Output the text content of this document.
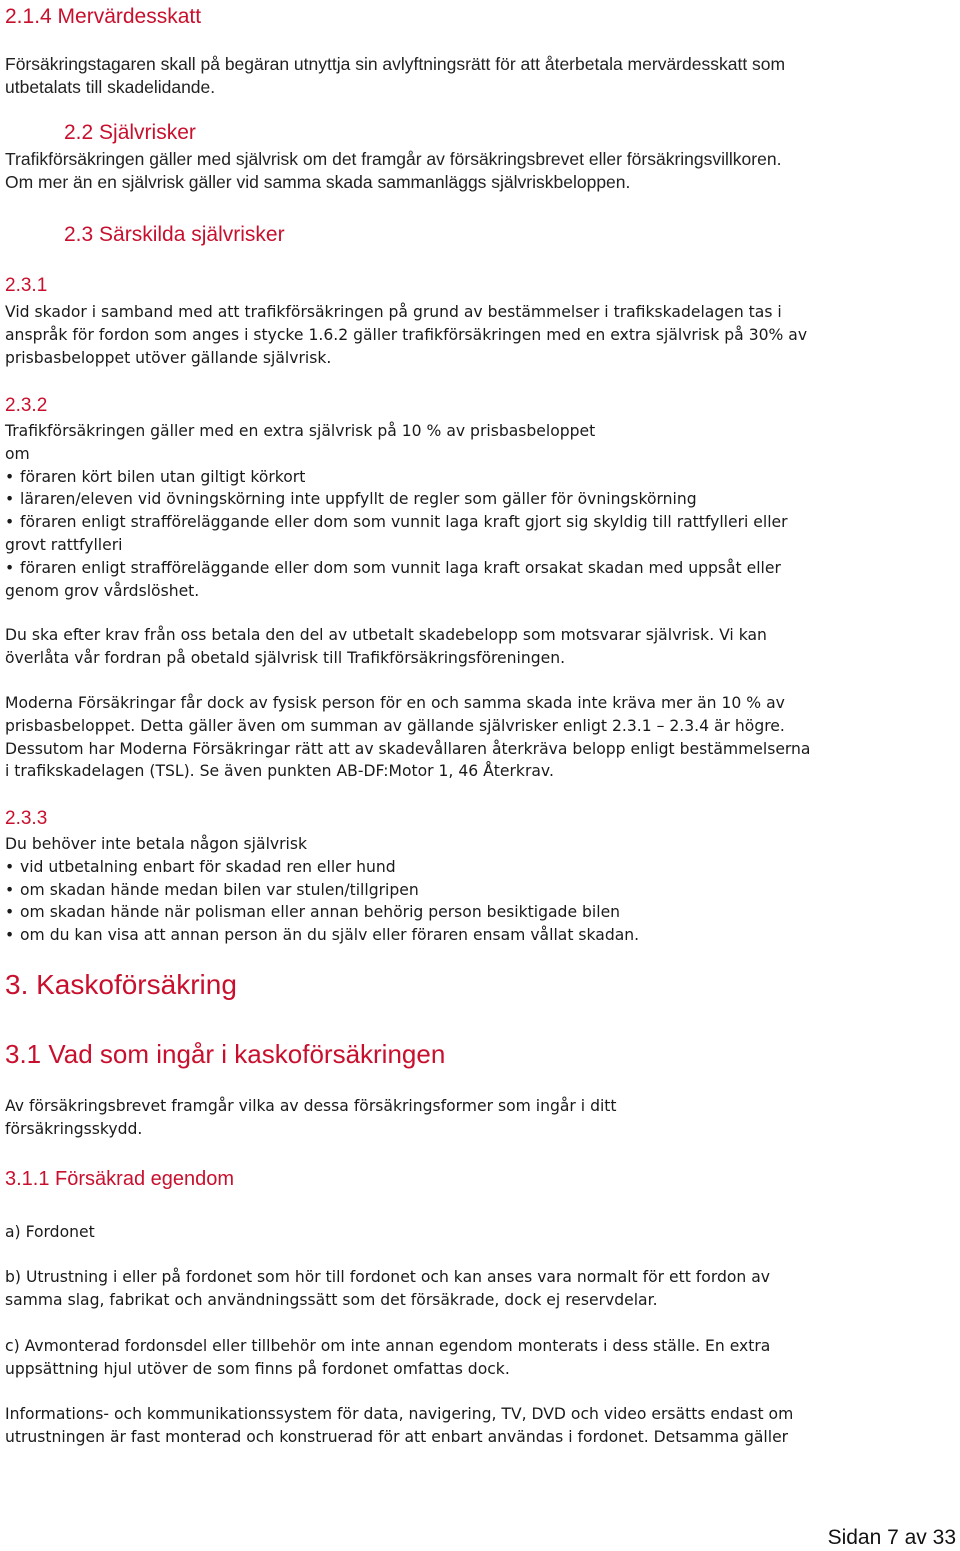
2.1.4 Mervärdesskatt
Försäkringstagaren skall på begäran utnyttja sin avlyftningsrätt för att återbetala mervärdesskatt som
utbetalats till skadelidande.
2.2 Självrisker
Trafikförsäkringen gäller med självrisk om det framgår av försäkringsbrevet eller försäkringsvillkoren.
Om mer än en självrisk gäller vid samma skada sammanläggs självriskbeloppen.
2.3 Särskilda självrisker
2.3.1
Vid skador i samband med att trafikförsäkringen på grund av bestämmelser i trafikskadelagen tas i
anspråk för fordon som anges i stycke 1.6.2 gäller trafikförsäkringen med en extra självrisk på 30% av
prisbasbeloppet utöver gällande självrisk.
2.3.2
Trafikförsäkringen gäller med en extra självrisk på 10 % av prisbasbeloppet
om
• föraren kört bilen utan giltigt körkort
• läraren/eleven vid övningskörning inte uppfyllt de regler som gäller för övningskörning
• föraren enligt strafföreläggande eller dom som vunnit laga kraft gjort sig skyldig till rattfylleri eller
grovt rattfylleri
• föraren enligt strafföreläggande eller dom som vunnit laga kraft orsakat skadan med uppsåt eller
genom grov vårdslöshet.
Du ska efter krav från oss betala den del av utbetalt skadebelopp som motsvarar självrisk. Vi kan
överlåta vår fordran på obetald självrisk till Trafikförsäkringsföreningen.
Moderna Försäkringar får dock av fysisk person för en och samma skada inte kräva mer än 10 % av
prisbasbeloppet. Detta gäller även om summan av gällande självrisker enligt 2.3.1 – 2.3.4 är högre.
Dessutom har Moderna Försäkringar rätt att av skadevållaren återkräva belopp enligt bestämmelserna
i trafikskadelagen (TSL). Se även punkten AB-DF:Motor 1, 46 Återkrav.
2.3.3
Du behöver inte betala någon självrisk
• vid utbetalning enbart för skadad ren eller hund
• om skadan hände medan bilen var stulen/tillgripen
• om skadan hände när polisman eller annan behörig person besiktigade bilen
• om du kan visa att annan person än du själv eller föraren ensam vållat skadan.
3. Kaskoförsäkring
3.1 Vad som ingår i kaskoförsäkringen
Av försäkringsbrevet framgår vilka av dessa försäkringsformer som ingår i ditt
försäkringsskydd.
3.1.1 Försäkrad egendom
a) Fordonet
b) Utrustning i eller på fordonet som hör till fordonet och kan anses vara normalt för ett fordon av
samma slag, fabrikat och användningssätt som det försäkrade, dock ej reservdelar.
c) Avmonterad fordonsdel eller tillbehör om inte annan egendom monterats i dess ställe. En extra
uppsättning hjul utöver de som finns på fordonet omfattas dock.
Informations- och kommunikationssystem för data, navigering, TV, DVD och video ersätts endast om
utrustningen är fast monterad och konstruerad för att enbart användas i fordonet. Detsamma gäller
Sidan 7 av 33
